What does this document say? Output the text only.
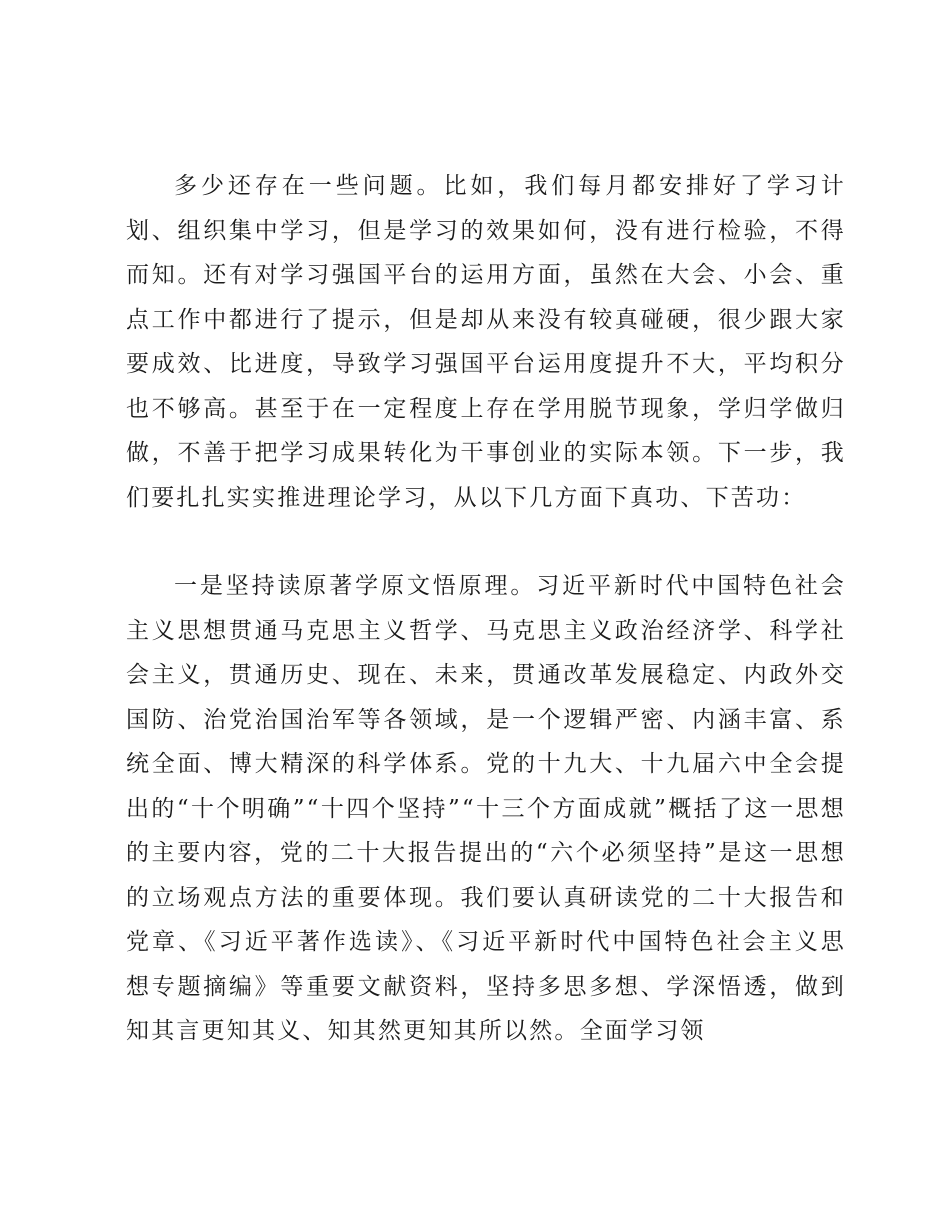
多少还存在一些问题。比如，我们每月都安排好了学习计划、组织集中学习，但是学习的效果如何，没有进行检验，不得而知。还有对学习强国平台的运用方面，虽然在大会、小会、重点工作中都进行了提示，但是却从来没有较真碰硬，很少跟大家要成效、比进度，导致学习强国平台运用度提升不大，平均积分也不够高。甚至于在一定程度上存在学用脱节现象，学归学做归做，不善于把学习成果转化为干事创业的实际本领。下一步，我们要扎扎实实推进理论学习，从以下几方面下真功、下苦功：

一是坚持读原著学原文悟原理。习近平新时代中国特色社会主义思想贯通马克思主义哲学、马克思主义政治经济学、科学社会主义，贯通历史、现在、未来，贯通改革发展稳定、内政外交国防、治党治国治军等各领域，是一个逻辑严密、内涵丰富、系统全面、博大精深的科学体系。党的十九大、十九届六中全会提出的“十个明确”“十四个坚持”“十三个方面成就”概括了这一思想的主要内容，党的二十大报告提出的“六个必须坚持”是这一思想的立场观点方法的重要体现。我们要认真研读党的二十大报告和党章、《习近平著作选读》、《习近平新时代中国特色社会主义思想专题摘编》等重要文献资料，坚持多思多想、学深悟透，做到知其言更知其义、知其然更知其所以然。全面学习领
